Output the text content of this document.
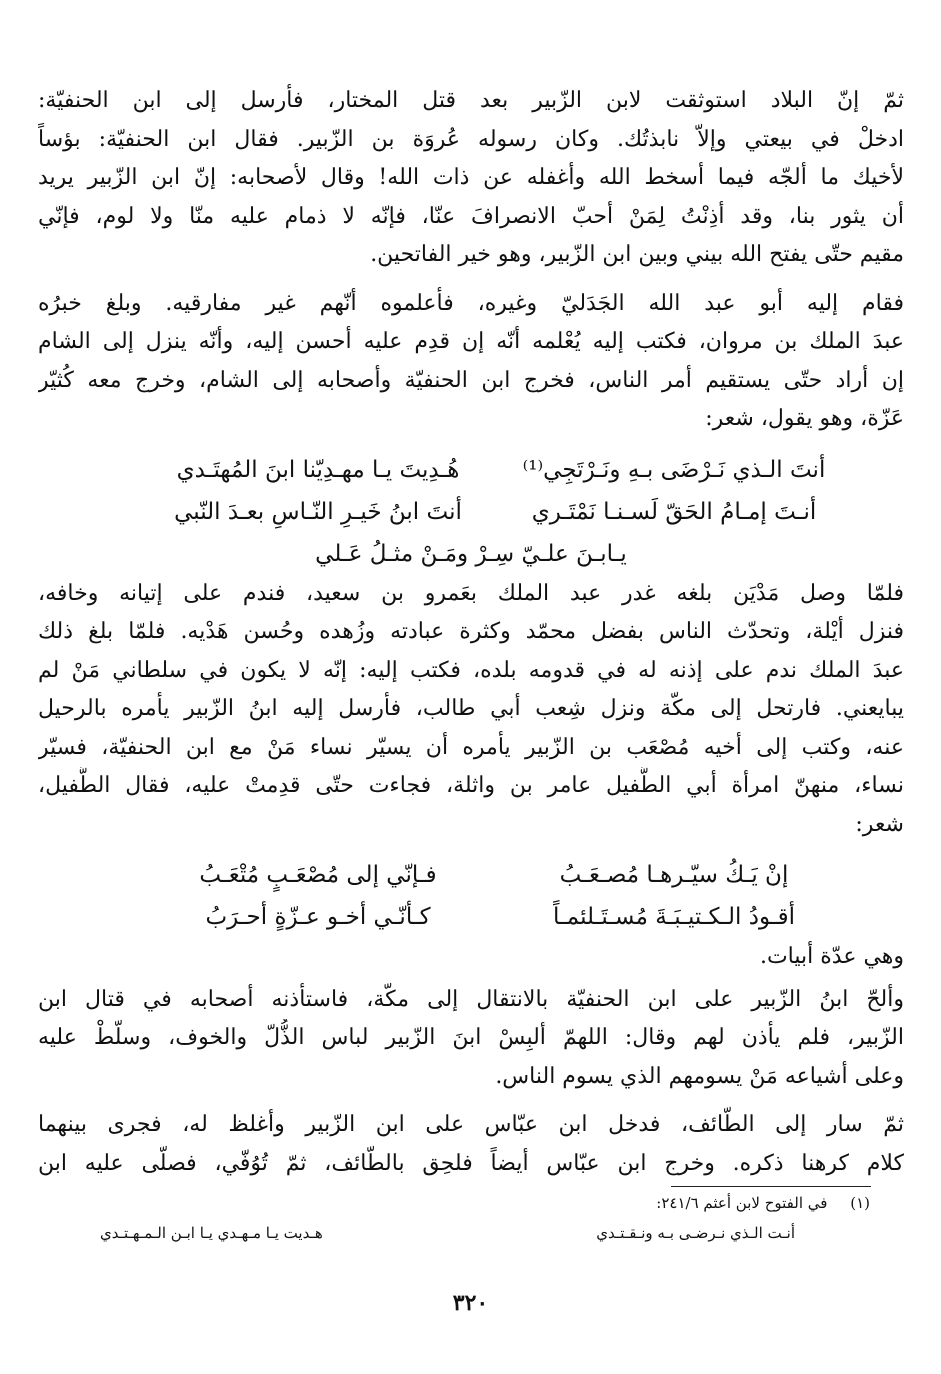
ثمّ إنّ البلاد استوثقت لابن الزّبير بعد قتل المختار، فأرسل إلى ابن الحنفيّة:
ادخلْ في بيعتي وإلاّ نابذتُك. وكان رسوله عُروَة بن الزّبير. فقال ابن الحنفيّة: بؤساً
لأخيك ما ألجّه فيما أسخط الله وأغفله عن ذات الله! وقال لأصحابه: إنّ ابن الزّبير يريد
أن يثور بنا، وقد أذِنْتُ لِمَنْ أحبّ الانصرافَ عنّا، فإنّه لا ذمام عليه منّا ولا لوم، فإنّي
مقيم حتّى يفتح الله بيني وبين ابن الزّبير، وهو خير الفاتحين.
فقام إليه أبو عبد الله الجَدَليّ وغيره، فأعلموه أنّهم غير مفارقيه. وبلغ خبرُه
عبدَ الملك بن مروان، فكتب إليه يُعْلمه أنّه إن قدِم عليه أحسن إليه، وأنّه ينزل إلى الشام
إن أراد حتّى يستقيم أمر الناس، فخرج ابن الحنفيّة وأصحابه إلى الشام، وخرج معه كُثيّر
عَزّة، وهو يقول، شعر:
أنتَ الـذي نَـرْضَى بـهِ ونَـرْتَجِي⁽¹⁾
هُـدِيتَ يـا مهـدِيّنا ابنَ المُهتَـدي
أنـتَ إمـامُ الحَقّ لَسـنـا نَمْتَـري
أنتَ ابنُ خَيـرِ النّـاسِ بعـدَ النّبي
يـابـنَ علـيّ سِـرْ ومَـنْ مثـلُ عَـلي
فلمّا وصل مَدْيَن بلغه غدر عبد الملك بعَمرو بن سعيد، فندم على إتيانه وخافه،
فنزل أيْلة، وتحدّث الناس بفضل محمّد وكثرة عبادته وزُهده وحُسن هَدْيه. فلمّا بلغ ذلك
عبدَ الملك ندم على إذنه له في قدومه بلده، فكتب إليه: إنّه لا يكون في سلطاني مَنْ لم
يبايعني. فارتحل إلى مكّة ونزل شِعب أبي طالب، فأرسل إليه ابنُ الزّبير يأمره بالرحيل
عنه، وكتب إلى أخيه مُصْعَب بن الزّبير يأمره أن يسيّر نساء مَنْ مع ابن الحنفيّة، فسيّر
نساء، منهنّ امرأة أبي الطُّفيل عامر بن واثلة، فجاءت حتّى قدِمتْ عليه، فقال الطُّفيل،
شعر:
إنْ يَـكُ سيّـرهـا مُصـعَـبُ
فـإنّي إلى مُصْعَـبٍ مُتْعَـبُ
أقـودُ الـكـتيـبَـةَ مُسـتَـلئمـاً
كـأنّـي أخـو عـزّةٍ أحـرَبُ
وهي عدّة أبيات.
وألحّ ابنُ الزّبير على ابن الحنفيّة بالانتقال إلى مكّة، فاستأذنه أصحابه في قتال ابن
الزّبير، فلم يأذن لهم وقال: اللهمّ ألبِسْ ابنَ الزّبير لباس الذُّلّ والخوف، وسلّطْ عليه
وعلى أشياعه مَنْ يسومهم الذي يسوم الناس.
ثمّ سار إلى الطّائف، فدخل ابن عبّاس على ابن الزّبير وأغلظ له، فجرى بينهما
كلام كرهنا ذكره. وخرج ابن عبّاس أيضاً فلحِق بالطّائف، ثمّ تُوُفّي، فصلّى عليه ابن
(١) في الفتوح لابن أعثم ٢٤١/٦:
أنـت الـذي نـرضـى بـه ونـقـتـدي
هـديت يـا مـهـدي يـا ابـن الـمـهـتـدي
٣٢٠
